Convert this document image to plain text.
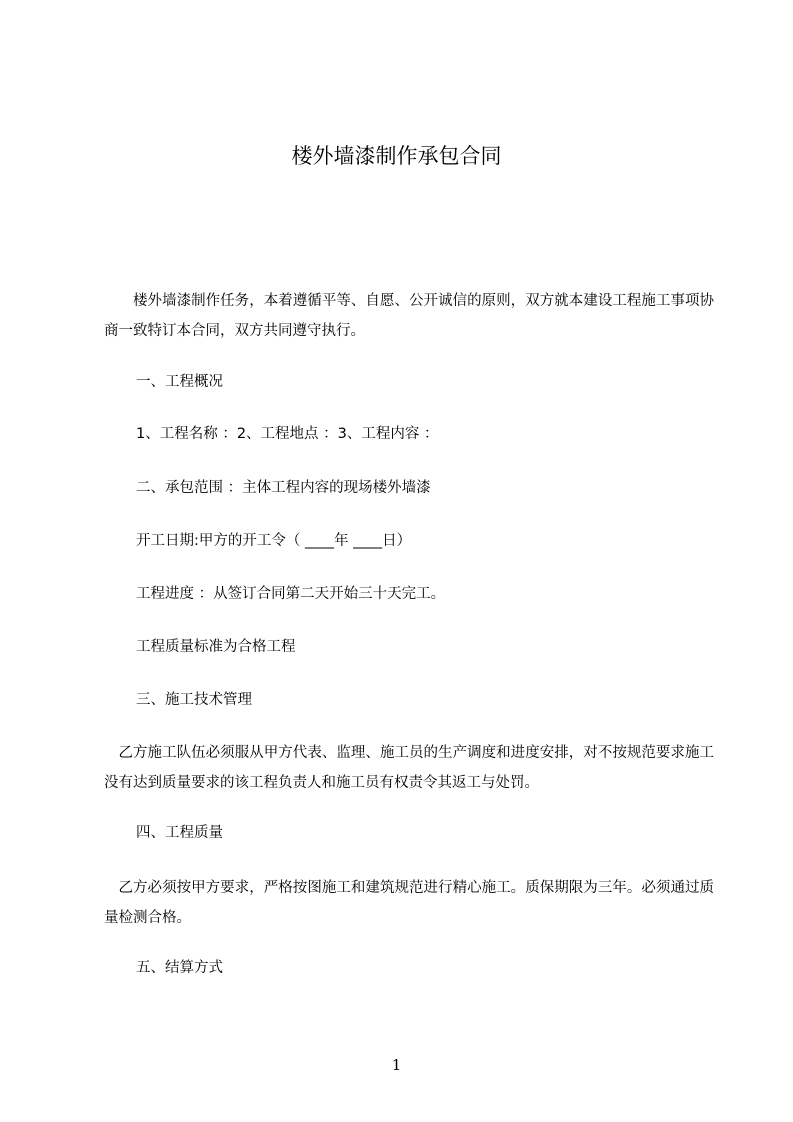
楼外墙漆制作承包合同
楼外墙漆制作任务，本着遵循平等、自愿、公开诚信的原则，双方就本建设工程施工事项协商一致特订本合同，双方共同遵守执行。
一、工程概况
1、工程名称 ：2、工程地点 ：3、工程内容 ：
二、承包范围 ：主体工程内容的现场楼外墙漆
开工日期:甲方的开工令（ ____年 ____日）
工程进度 ：从签订合同第二天开始三十天完工。
工程质量标准为合格工程
三、施工技术管理
乙方施工队伍必须服从甲方代表、监理、施工员的生产调度和进度安排，对不按规范要求施工没有达到质量要求的该工程负责人和施工员有权责令其返工与处罚。
四、工程质量
乙方必须按甲方要求，严格按图施工和建筑规范进行精心施工。质保期限为三年。必须通过质量检测合格。
五、结算方式
1
